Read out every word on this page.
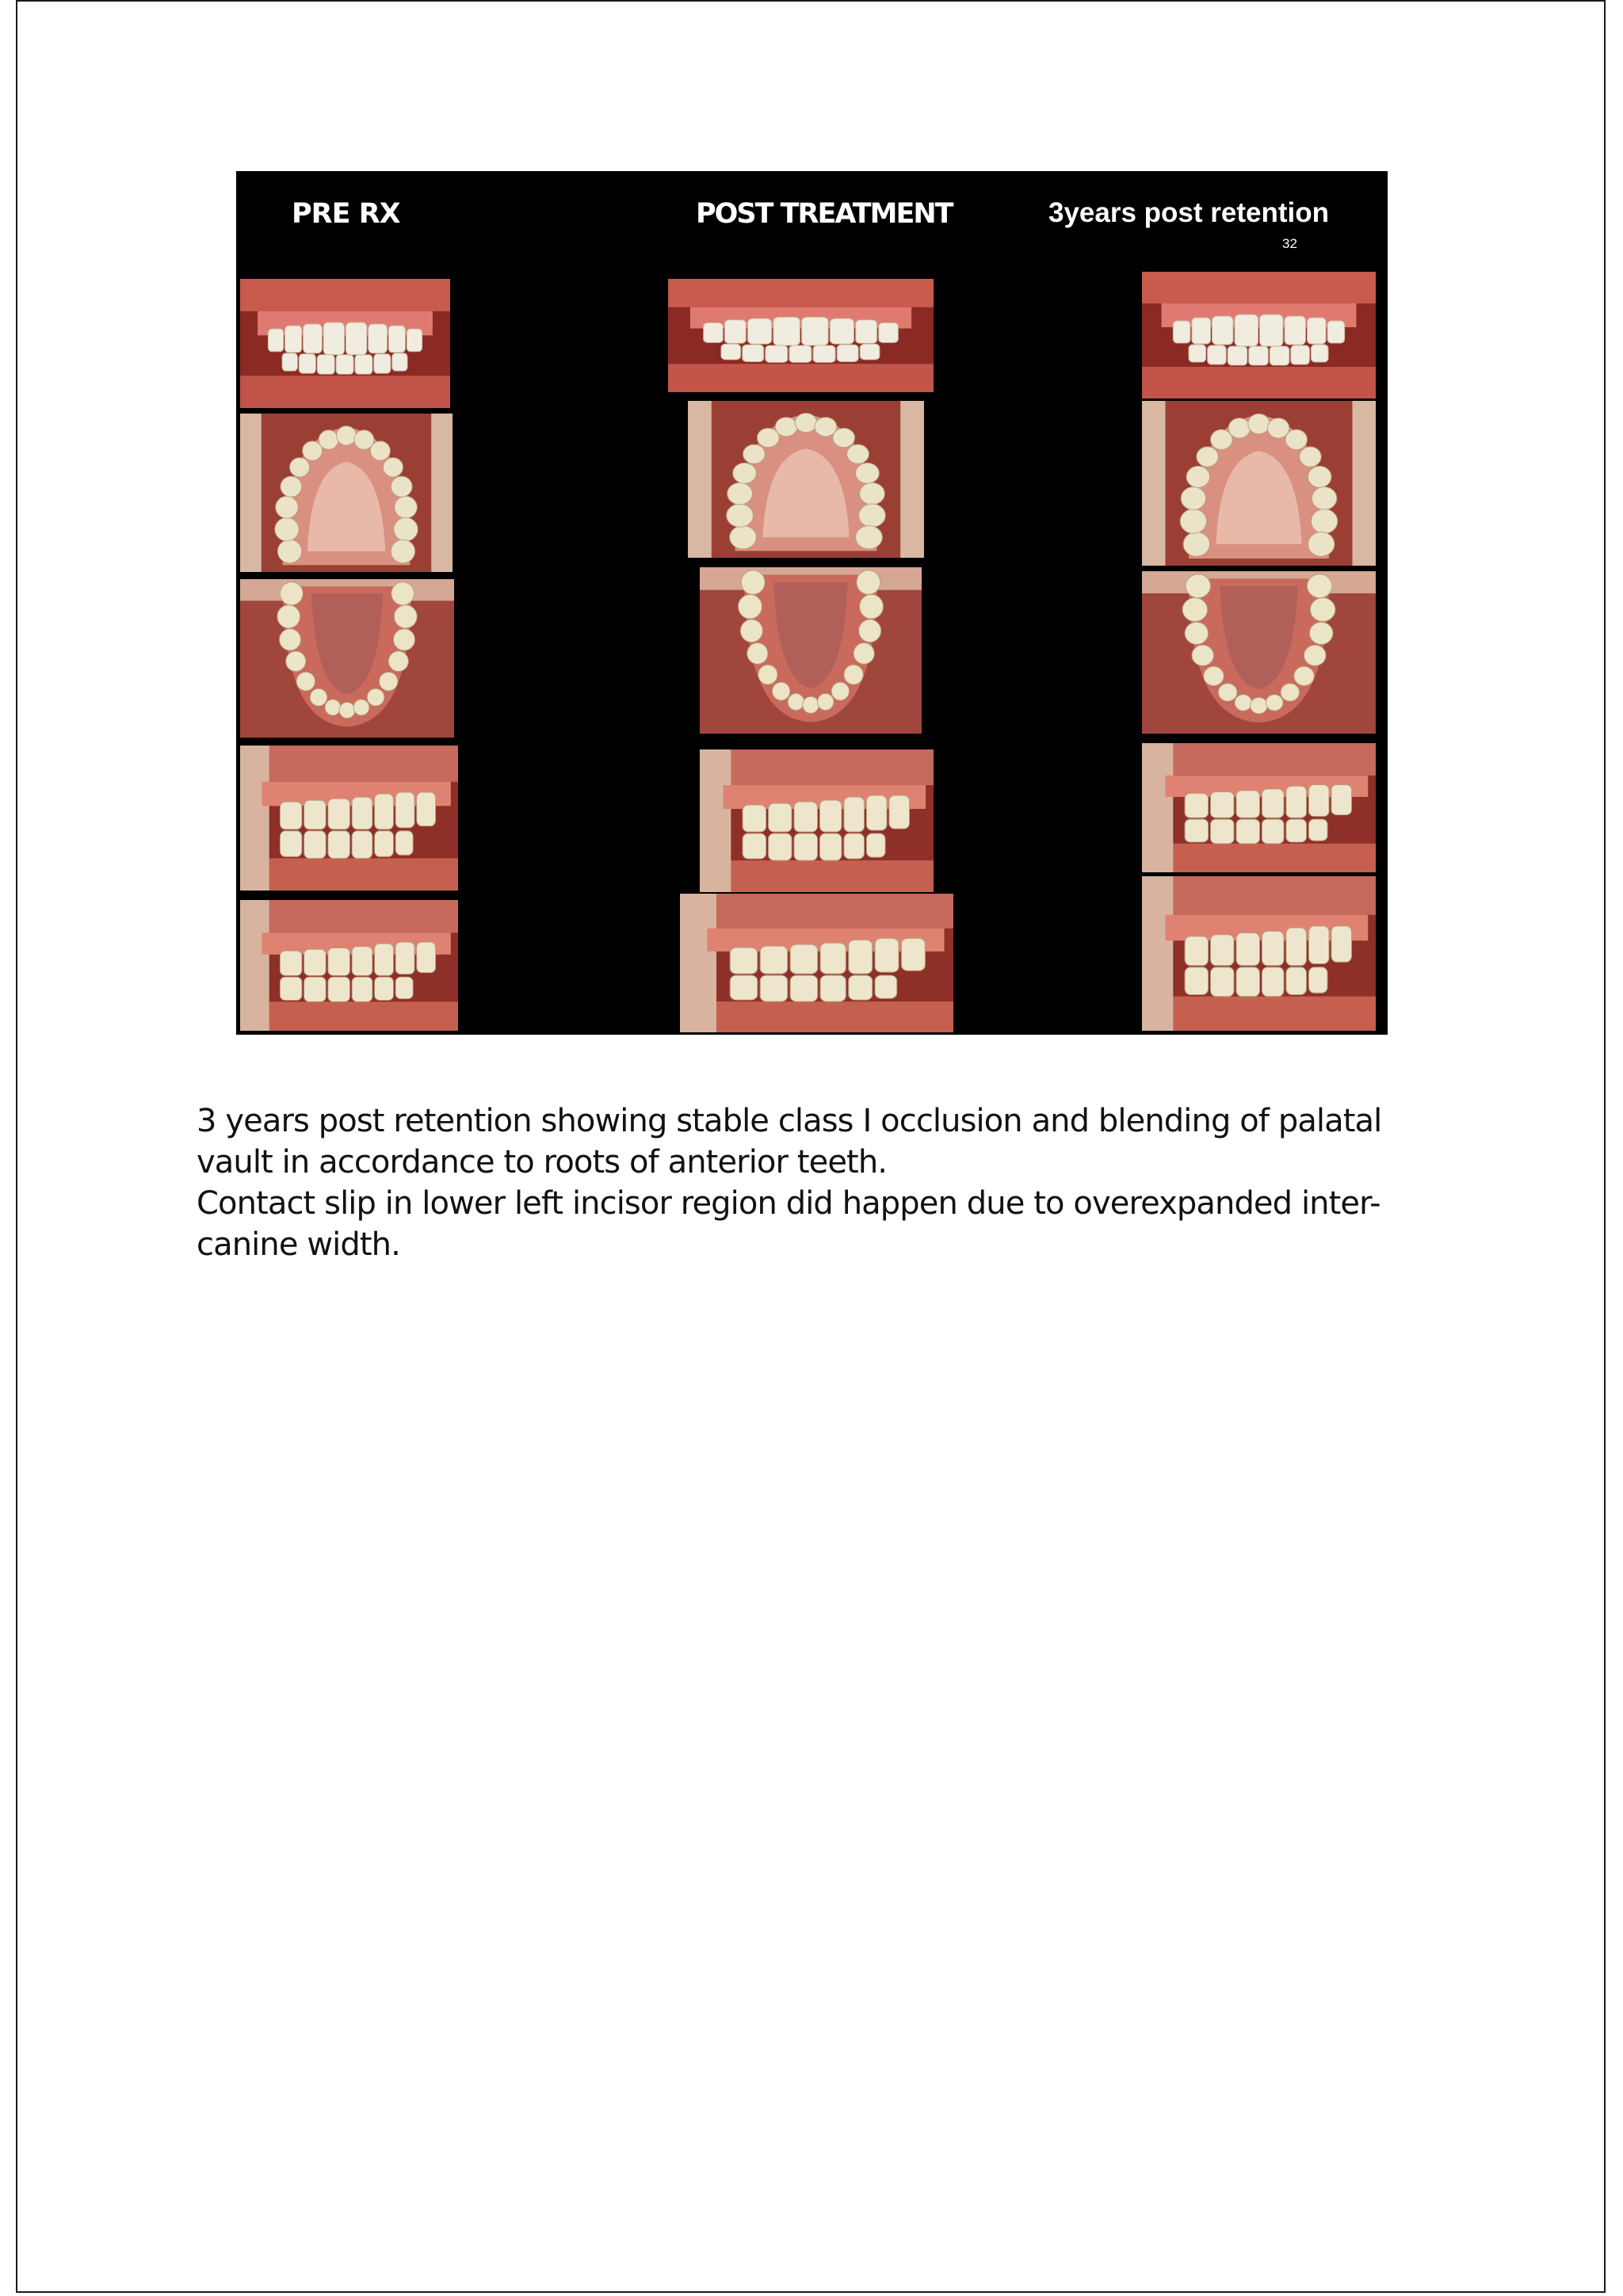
PRE RX	POST TREATMENT	3years post retention
32

3 years post retention showing stable class I occlusion and blending of palatal vault in accordance to roots of anterior teeth.

Contact slip in lower left incisor region did happen due to overexpanded inter-canine width.
